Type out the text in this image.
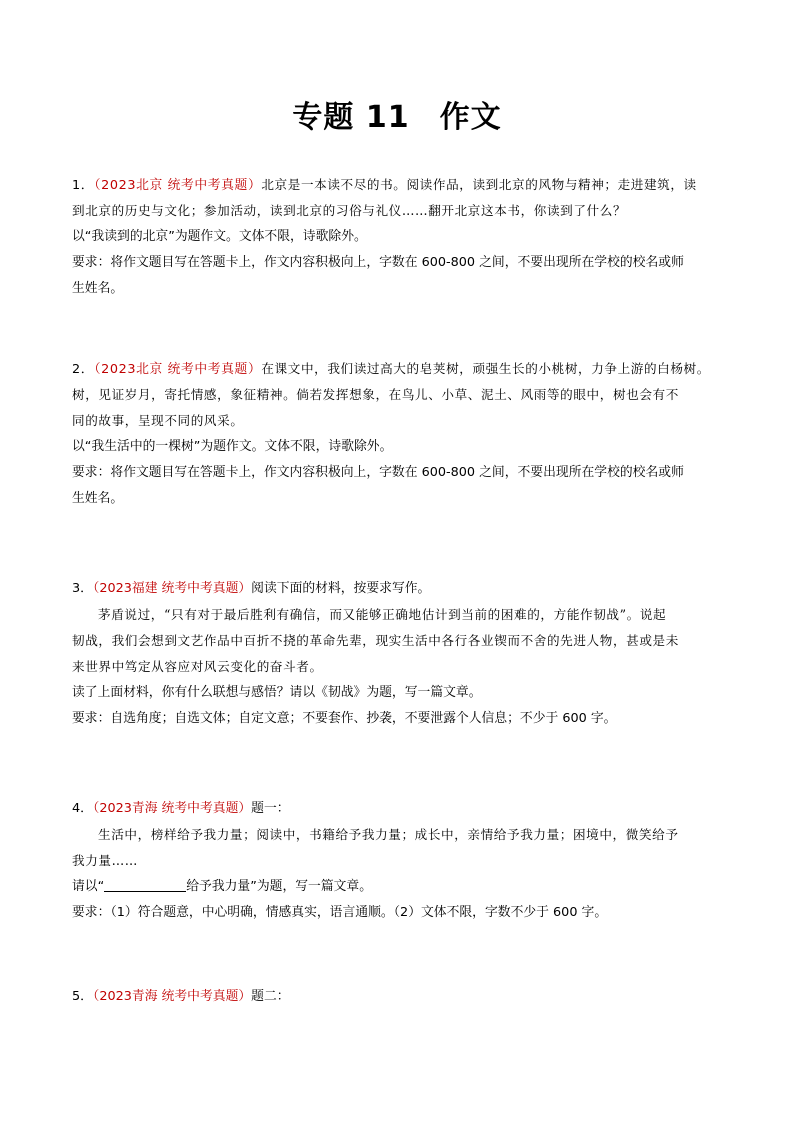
专题 11 作文
1．（2023北京 统考中考真题）北京是一本读不尽的书。阅读作品，读到北京的风物与精神；走进建筑，读
到北京的历史与文化；参加活动，读到北京的习俗与礼仪……翻开北京这本书，你读到了什么？
以“我读到的北京”为题作文。文体不限，诗歌除外。
要求：将作文题目写在答题卡上，作文内容积极向上，字数在 600-800 之间，不要出现所在学校的校名或师
生姓名。
2．（2023北京 统考中考真题）在课文中，我们读过高大的皂荚树，顽强生长的小桃树，力争上游的白杨树。
树，见证岁月，寄托情感，象征精神。倘若发挥想象，在鸟儿、小草、泥土、风雨等的眼中，树也会有不
同的故事，呈现不同的风采。
以“我生活中的一棵树”为题作文。文体不限，诗歌除外。
要求：将作文题目写在答题卡上，作文内容积极向上，字数在 600-800 之间，不要出现所在学校的校名或师
生姓名。
3．（2023福建 统考中考真题）阅读下面的材料，按要求写作。
茅盾说过，“只有对于最后胜利有确信，而又能够正确地估计到当前的困难的，方能作韧战”。说起
韧战，我们会想到文艺作品中百折不挠的革命先辈，现实生活中各行各业锲而不舍的先进人物，甚或是未
来世界中笃定从容应对风云变化的奋斗者。
读了上面材料，你有什么联想与感悟？请以《韧战》为题，写一篇文章。
要求：自选角度；自选文体；自定文意；不要套作、抄袭，不要泄露个人信息；不少于 600 字。
4．（2023青海 统考中考真题）题一：
生活中，榜样给予我力量；阅读中，书籍给予我力量；成长中，亲情给予我力量；困境中，微笑给予
我力量……
请以“	给予我力量”为题，写一篇文章。
要求：（1）符合题意，中心明确，情感真实，语言通顺。（2）文体不限，字数不少于 600 字。
5．（2023青海 统考中考真题）题二：
